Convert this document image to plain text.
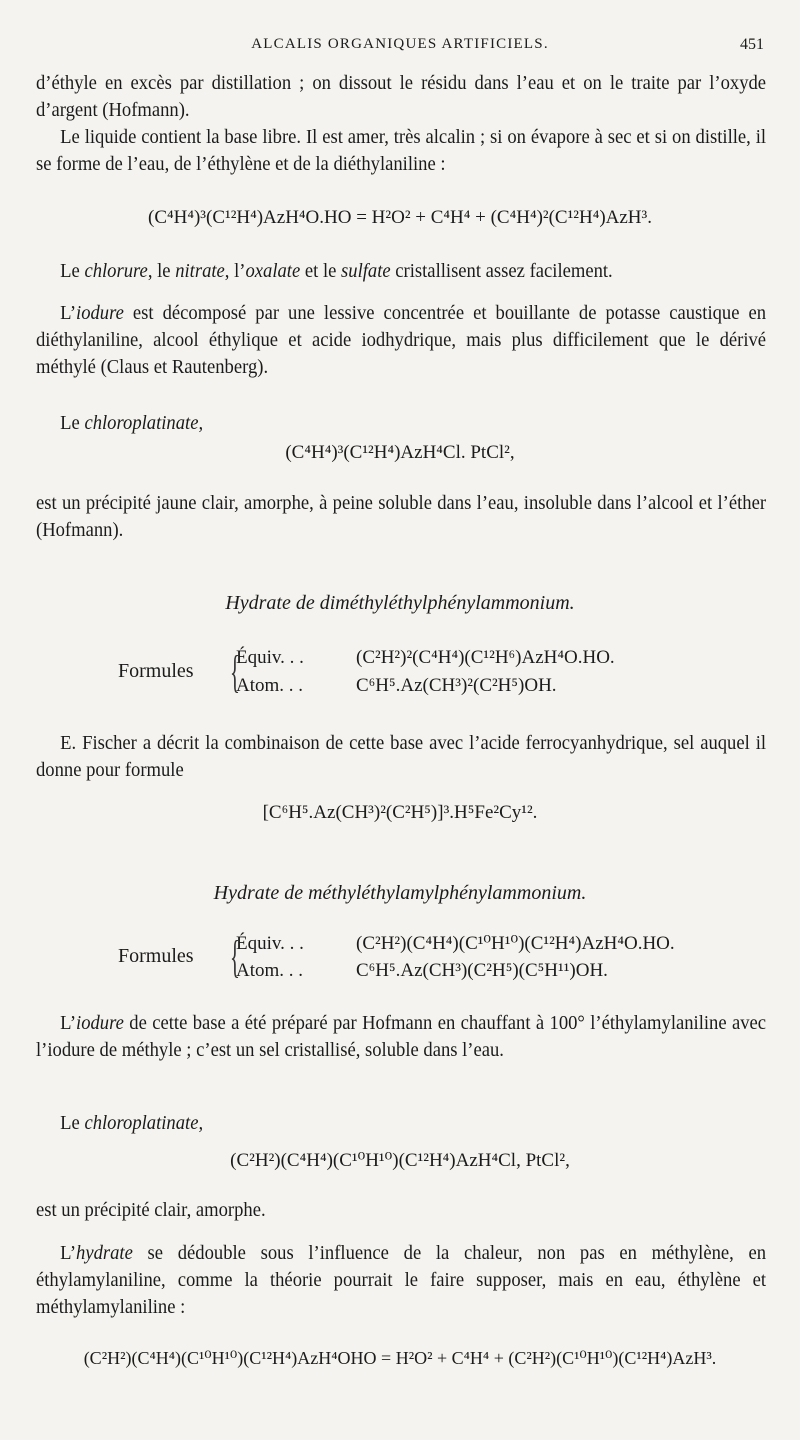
ALCALIS ORGANIQUES ARTIFICIELS.	451
d’éthyle en excès par distillation ; on dissout le résidu dans l’eau et on le traite par l’oxyde d’argent (Hofmann).
Le liquide contient la base libre. Il est amer, très alcalin ; si on évapore à sec et si on distille, il se forme de l’eau, de l’éthylène et de la diéthylaniline :
(C⁴H⁴)³(C¹²H⁴)AzH⁴O.HO = H²O² + C⁴H⁴ + (C⁴H⁴)²(C¹²H⁴)AzH³.
Le chlorure, le nitrate, l’oxalate et le sulfate cristallisent assez facilement.
L’iodure est décomposé par une lessive concentrée et bouillante de potasse caustique en diéthylaniline, alcool éthylique et acide iodhydrique, mais plus difficilement que le dérivé méthylé (Claus et Rautenberg).
Le chloroplatinate,
(C⁴H⁴)³(C¹²H⁴)AzH⁴Cl. PtCl²,
est un précipité jaune clair, amorphe, à peine soluble dans l’eau, insoluble dans l’alcool et l’éther (Hofmann).
Hydrate de diméthyléthylphénylammonium.
Formules {
Équiv. . .	(C²H²)²(C⁴H⁴)(C¹²H⁶)AzH⁴O.HO.
Atom. . .	C⁶H⁵.Az(CH³)²(C²H⁵)OH.
E. Fischer a décrit la combinaison de cette base avec l’acide ferrocyanhydrique, sel auquel il donne pour formule
[C⁶H⁵.Az(CH³)²(C²H⁵)]³.H⁵Fe²Cy¹².
Hydrate de méthyléthylamylphénylammonium.
Formules {
Équiv. . .	(C²H²)(C⁴H⁴)(C¹⁰H¹⁰)(C¹²H⁴)AzH⁴O.HO.
Atom. . .	C⁶H⁵.Az(CH³)(C²H⁵)(C⁵H¹¹)OH.
L’iodure de cette base a été préparé par Hofmann en chauffant à 100° l’éthylamylaniline avec l’iodure de méthyle ; c’est un sel cristallisé, soluble dans l’eau.
Le chloroplatinate,
(C²H²)(C⁴H⁴)(C¹⁰H¹⁰)(C¹²H⁴)AzH⁴Cl, PtCl²,
est un précipité clair, amorphe.
L’hydrate se dédouble sous l’influence de la chaleur, non pas en méthylène, en éthylamylaniline, comme la théorie pourrait le faire supposer, mais en eau, éthylène et méthylamylaniline :
(C²H²)(C⁴H⁴)(C¹⁰H¹⁰)(C¹²H⁴)AzH⁴OHO = H²O² + C⁴H⁴ + (C²H²)(C¹⁰H¹⁰)(C¹²H⁴)AzH³.
